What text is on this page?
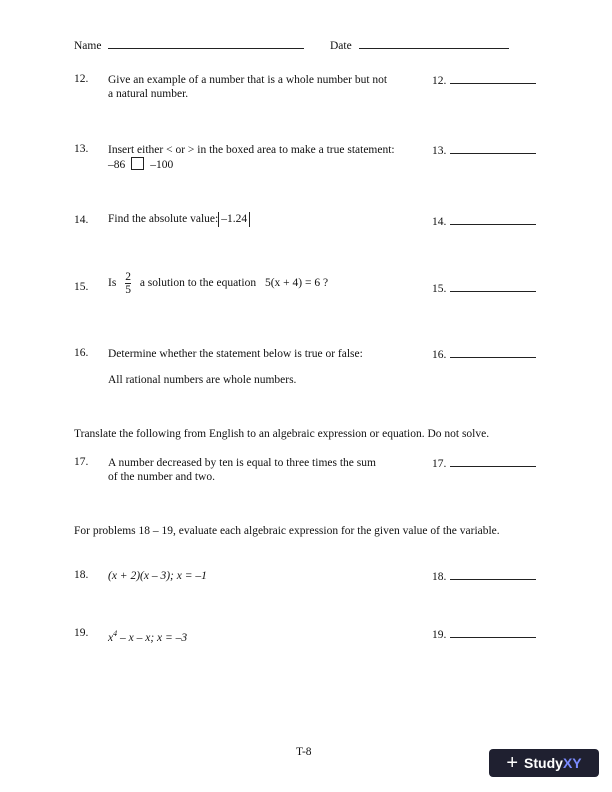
Name	Date
12. Give an example of a number that is a whole number but not
a natural number.
12.
13. Insert either < or > in the boxed area to make a true statement:
–86 –100
13.
14. Find the absolute value: –1.24	14.
15. Is $\frac{2}{5}$ a solution to the equation 5(x + 4) = 6 ?	15.
16. Determine whether the statement below is true or false:
All rational numbers are whole numbers.
16.
Translate the following from English to an algebraic expression or equation. Do not solve.
17. A number decreased by ten is equal to three times the sum
of the number and two.
17.
For problems 18 – 19, evaluate each algebraic expression for the given value of the variable.
18. (x + 2)(x – 3); x = –1	18.
19. $x^4$ – x – x; x = –3	19.
T-8	+ Study XY
